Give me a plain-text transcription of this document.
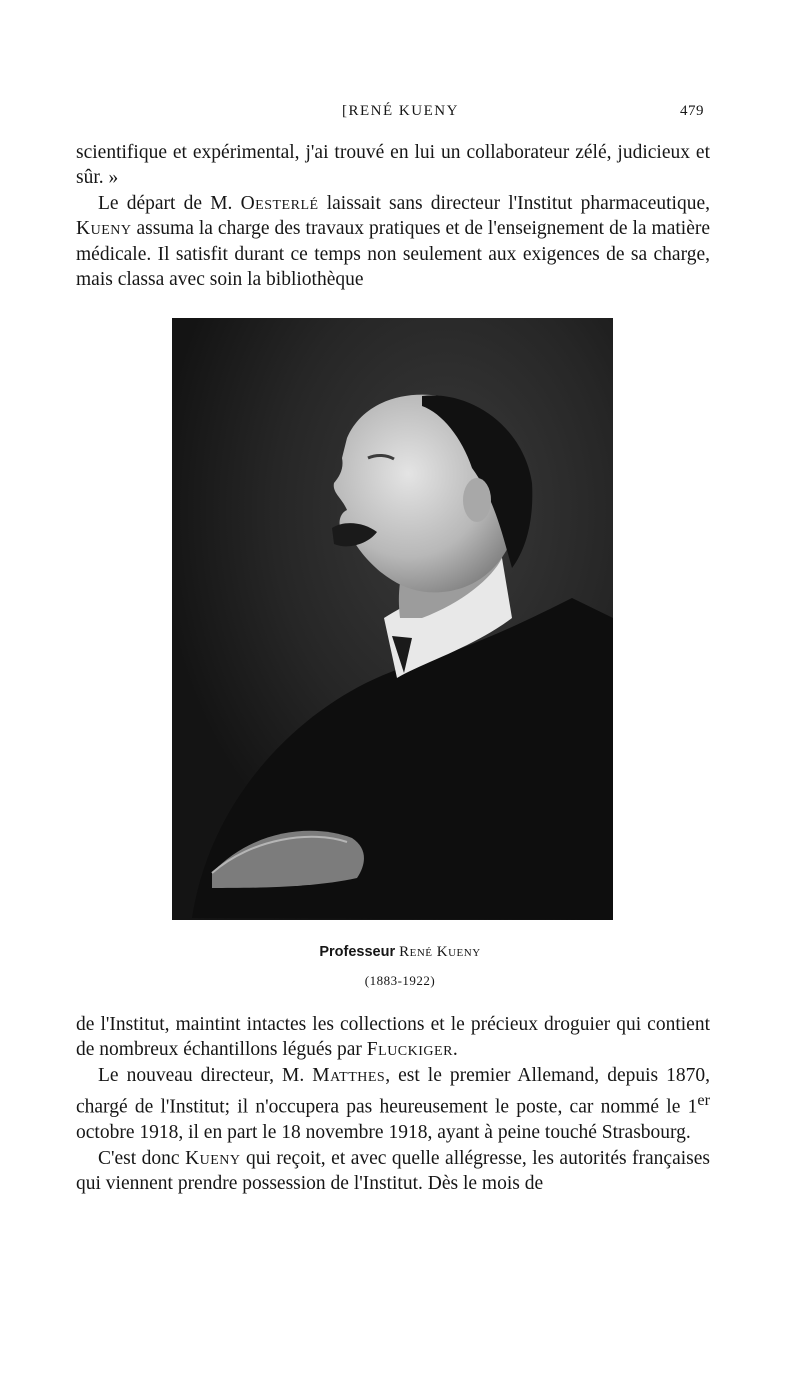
[RENÉ KUENY	479

scientifique et expérimental, j'ai trouvé en lui un collaborateur zélé, judicieux et sûr. »

Le départ de M. Oesterlé laissait sans directeur l'Institut pharmaceutique, Kueny assuma la charge des travaux pratiques et de l'enseignement de la matière médicale. Il satisfit durant ce temps non seulement aux exigences de sa charge, mais classa avec soin la bibliothèque

Professeur René Kueny
(1883-1922)

de l'Institut, maintint intactes les collections et le précieux droguier qui contient de nombreux échantillons légués par Fluckiger.

Le nouveau directeur, M. Matthes, est le premier Allemand, depuis 1870, chargé de l'Institut; il n'occupera pas heureusement le poste, car nommé le 1er octobre 1918, il en part le 18 novembre 1918, ayant à peine touché Strasbourg.

C'est donc Kueny qui reçoit, et avec quelle allégresse, les autorités françaises qui viennent prendre possession de l'Institut. Dès le mois de
